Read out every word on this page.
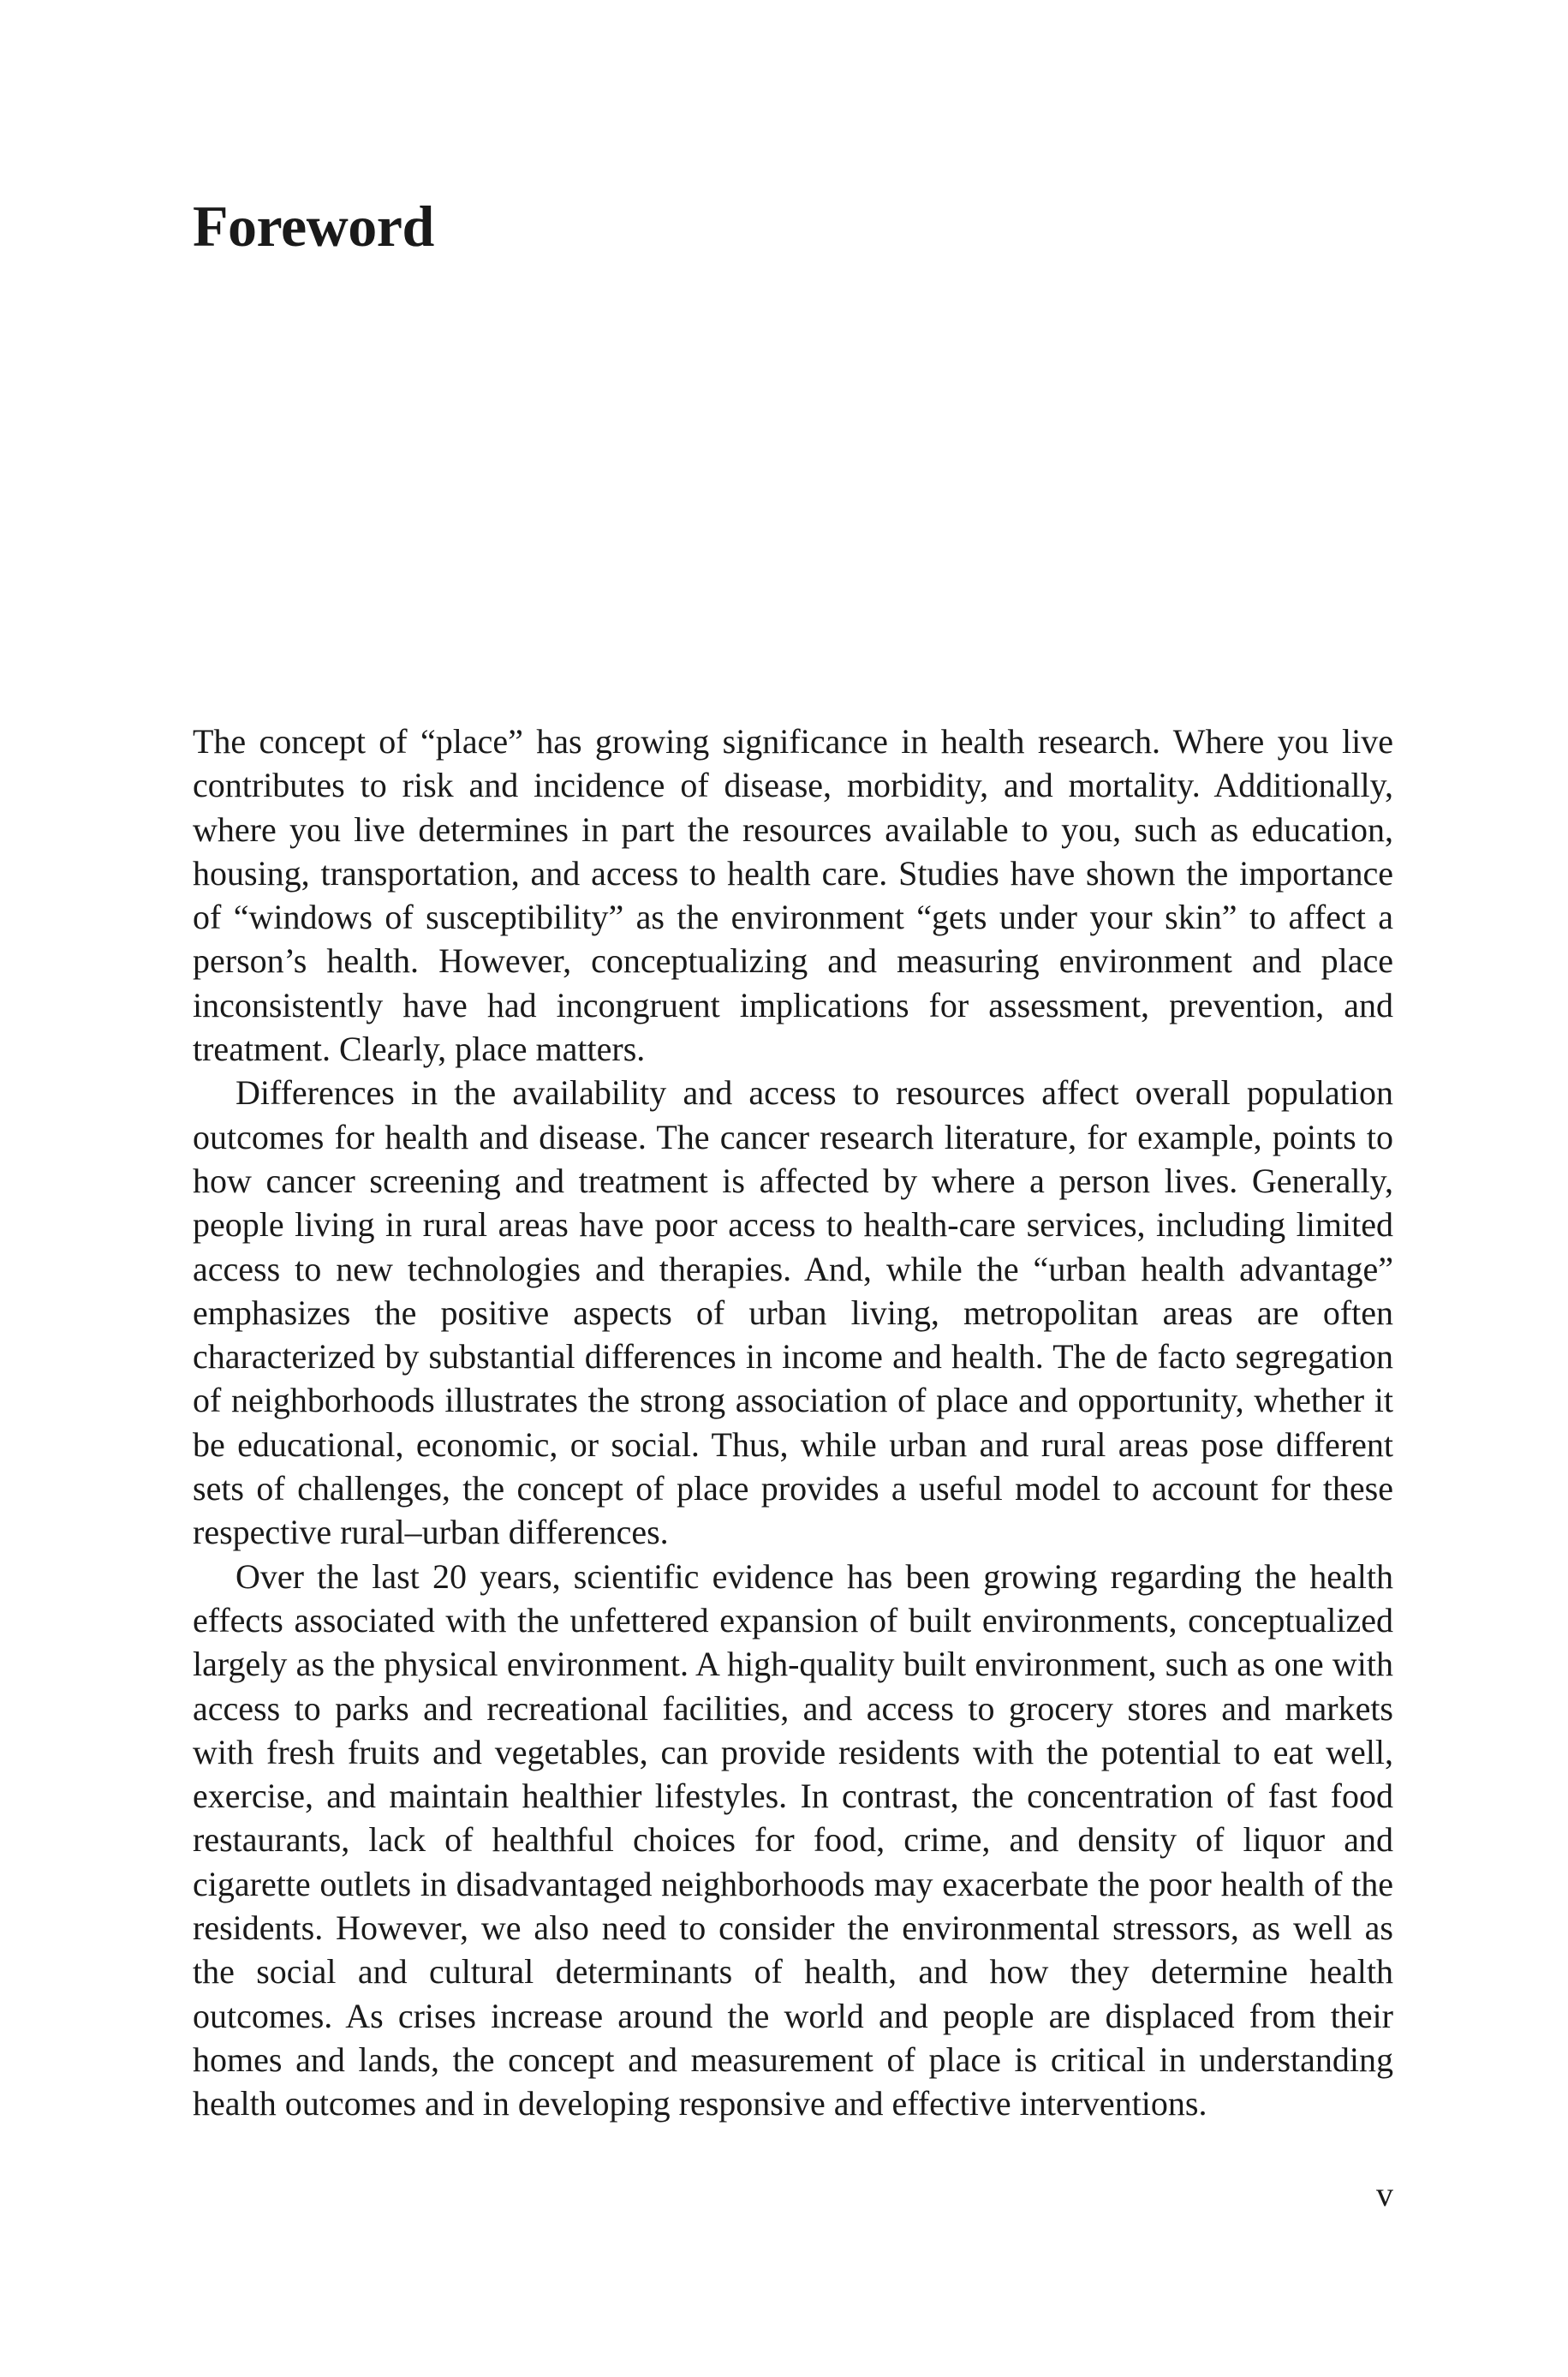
Foreword

The concept of “place” has growing significance in health research. Where you live contributes to risk and incidence of disease, morbidity, and mortality. Additionally, where you live determines in part the resources available to you, such as education, housing, transportation, and access to health care. Studies have shown the importance of “windows of susceptibility” as the environment “gets under your skin” to affect a person’s health. However, conceptualizing and measuring environment and place inconsistently have had incongruent implications for assessment, prevention, and treatment. Clearly, place matters.

Differences in the availability and access to resources affect overall population outcomes for health and disease. The cancer research literature, for example, points to how cancer screening and treatment is affected by where a person lives. Generally, people living in rural areas have poor access to health-care services, including limited access to new technologies and therapies. And, while the “urban health advantage” emphasizes the positive aspects of urban living, metropolitan areas are often characterized by substantial differences in income and health. The de facto segregation of neighborhoods illustrates the strong association of place and opportunity, whether it be educational, economic, or social. Thus, while urban and rural areas pose different sets of challenges, the concept of place provides a useful model to account for these respective rural–urban differences.

Over the last 20 years, scientific evidence has been growing regarding the health effects associated with the unfettered expansion of built environments, conceptualized largely as the physical environment. A high-quality built environment, such as one with access to parks and recreational facilities, and access to grocery stores and markets with fresh fruits and vegetables, can provide residents with the potential to eat well, exercise, and maintain healthier lifestyles. In contrast, the concentration of fast food restaurants, lack of healthful choices for food, crime, and density of liquor and cigarette outlets in disadvantaged neighborhoods may exacerbate the poor health of the residents. However, we also need to consider the environmental stressors, as well as the social and cultural determinants of health, and how they determine health outcomes. As crises increase around the world and people are displaced from their homes and lands, the concept and measurement of place is critical in understanding health outcomes and in developing responsive and effective interventions.

v
